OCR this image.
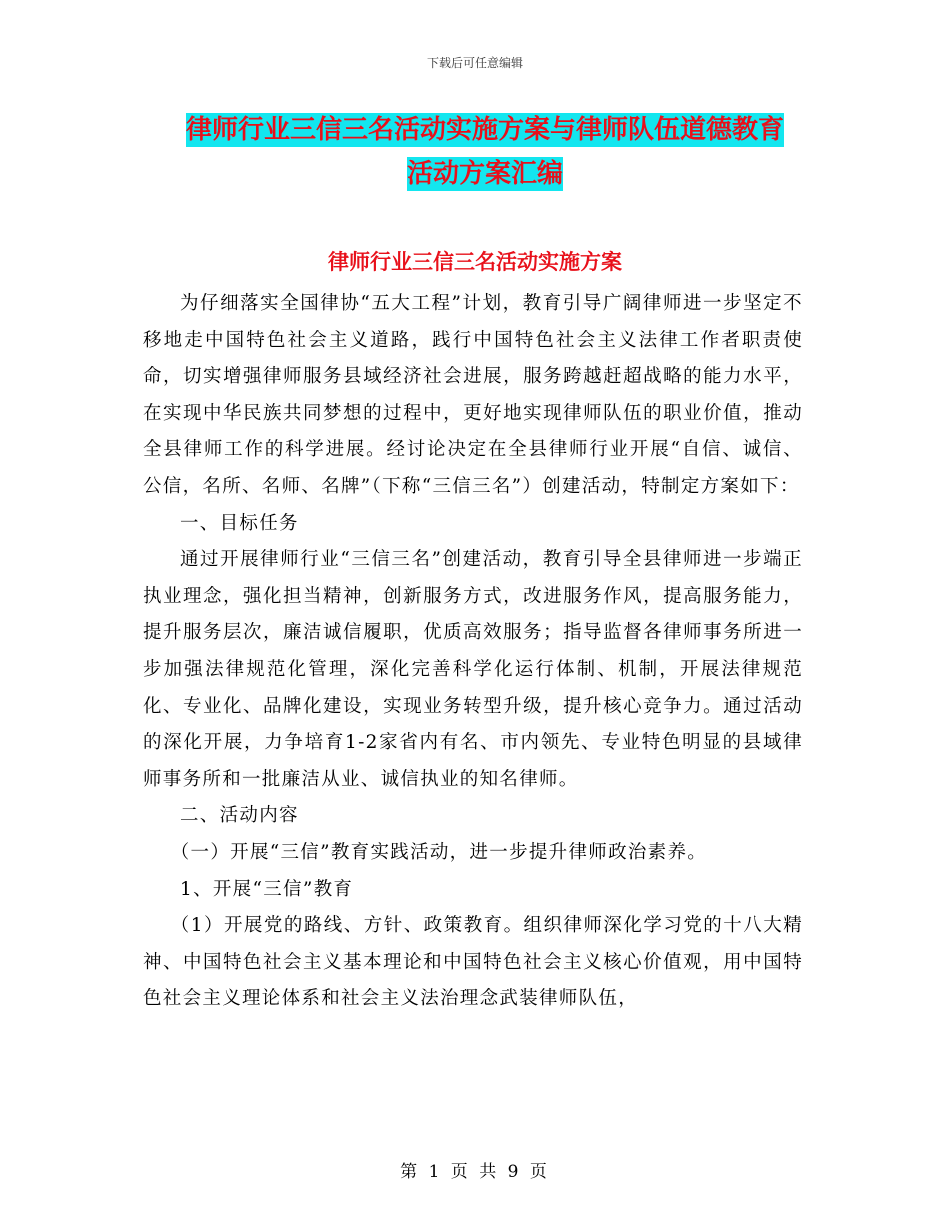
下载后可任意编辑
律师行业三信三名活动实施方案与律师队伍道德教育
活动方案汇编
律师行业三信三名活动实施方案

为仔细落实全国律协“五大工程”计划，教育引导广阔律师进一步坚定不移地走中国特色社会主义道路，践行中国特色社会主义法律工作者职责使命，切实增强律师服务县域经济社会进展，服务跨越赶超战略的能力水平，在实现中华民族共同梦想的过程中，更好地实现律师队伍的职业价值，推动全县律师工作的科学进展。经讨论决定在全县律师行业开展“自信、诚信、公信，名所、名师、名牌”（下称“三信三名”）创建活动，特制定方案如下：

一、目标任务

通过开展律师行业“三信三名”创建活动，教育引导全县律师进一步端正执业理念，强化担当精神，创新服务方式，改进服务作风，提高服务能力，提升服务层次，廉洁诚信履职，优质高效服务；指导监督各律师事务所进一步加强法律规范化管理，深化完善科学化运行体制、机制，开展法律规范化、专业化、品牌化建设，实现业务转型升级，提升核心竞争力。通过活动的深化开展，力争培育1-2家省内有名、市内领先、专业特色明显的县域律师事务所和一批廉洁从业、诚信执业的知名律师。

二、活动内容

（一）开展“三信”教育实践活动，进一步提升律师政治素养。

1、开展“三信”教育

（1）开展党的路线、方针、政策教育。组织律师深化学习党的十八大精神、中国特色社会主义基本理论和中国特色社会主义核心价值观，用中国特色社会主义理论体系和社会主义法治理念武装律师队伍，

第 1 页 共 9 页
